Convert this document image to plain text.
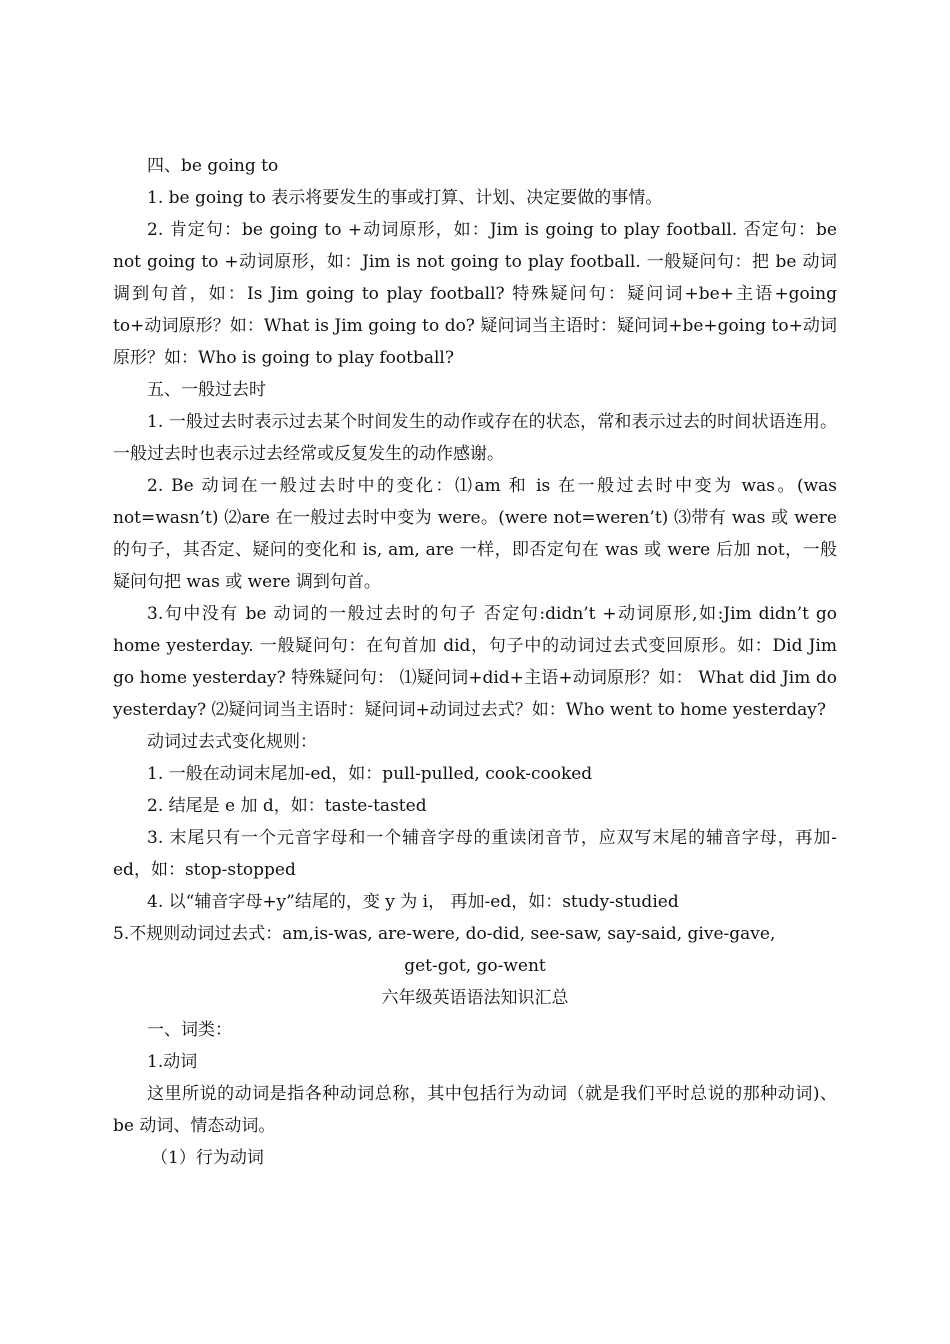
四、be going to

1. be going to 表示将要发生的事或打算、计划、决定要做的事情。

2. 肯定句：be going to +动词原形，如：Jim is going to play football. 否定句：be not going to +动词原形，如：Jim is not going to play football. 一般疑问句：把 be 动词调到句首，如：Is Jim going to play football? 特殊疑问句：疑问词+be+主语+going to+动词原形？如：What is Jim going to do? 疑问词当主语时：疑问词+be+going to+动词原形？如：Who is going to play football?

五、一般过去时

1. 一般过去时表示过去某个时间发生的动作或存在的状态，常和表示过去的时间状语连用。一般过去时也表示过去经常或反复发生的动作感谢。

2. Be 动词在一般过去时中的变化：⑴am 和 is 在一般过去时中变为 was。(was not=wasn’t) ⑵are 在一般过去时中变为 were。(were not=weren’t) ⑶带有 was 或 were 的句子，其否定、疑问的变化和 is, am, are 一样，即否定句在 was 或 were 后加 not，一般疑问句把 was 或 were 调到句首。

3.句中没有 be 动词的一般过去时的句子 否定句:didn’t +动词原形,如:Jim didn’t go home yesterday. 一般疑问句：在句首加 did，句子中的动词过去式变回原形。如：Did Jim go home yesterday? 特殊疑问句： ⑴疑问词+did+主语+动词原形？如： What did Jim do yesterday? ⑵疑问词当主语时：疑问词+动词过去式？如：Who went to home yesterday?

动词过去式变化规则：

1. 一般在动词末尾加-ed，如：pull-pulled, cook-cooked

2. 结尾是 e 加 d，如：taste-tasted

3. 末尾只有一个元音字母和一个辅音字母的重读闭音节，应双写末尾的辅音字母，再加-ed，如：stop-stopped

4. 以“辅音字母+y”结尾的，变 y 为 i， 再加-ed，如：study-studied

5.不规则动词过去式：am,is-was, are-were, do-did, see-saw, say-said, give-gave,

get-got, go-went

六年级英语语法知识汇总

一、词类：

1.动词

这里所说的动词是指各种动词总称，其中包括行为动词（就是我们平时总说的那种动词)、be 动词、情态动词。

（1）行为动词
